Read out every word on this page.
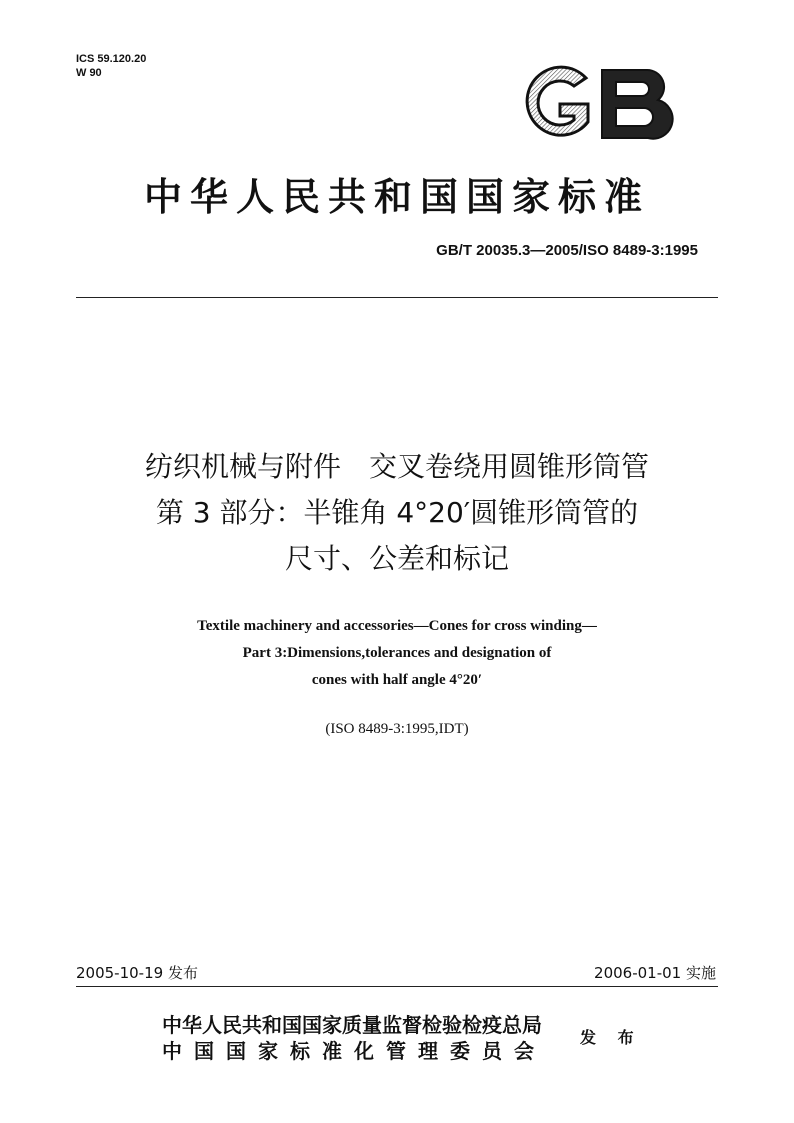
ICS 59.120.20
W 90
中华人民共和国国家标准
GB/T 20035.3—2005/ISO 8489-3:1995
纺织机械与附件　交叉卷绕用圆锥形筒管
第 3 部分：半锥角 4°20′圆锥形筒管的
尺寸、公差和标记
Textile machinery and accessories—Cones for cross winding—
Part 3:Dimensions,tolerances and designation of
cones with half angle 4°20′
(ISO 8489-3:1995,IDT)
2005-10-19 发布	2006-01-01 实施
中华人民共和国国家质量监督检验检疫总局
中国国家标准化管理委员会
发 布
